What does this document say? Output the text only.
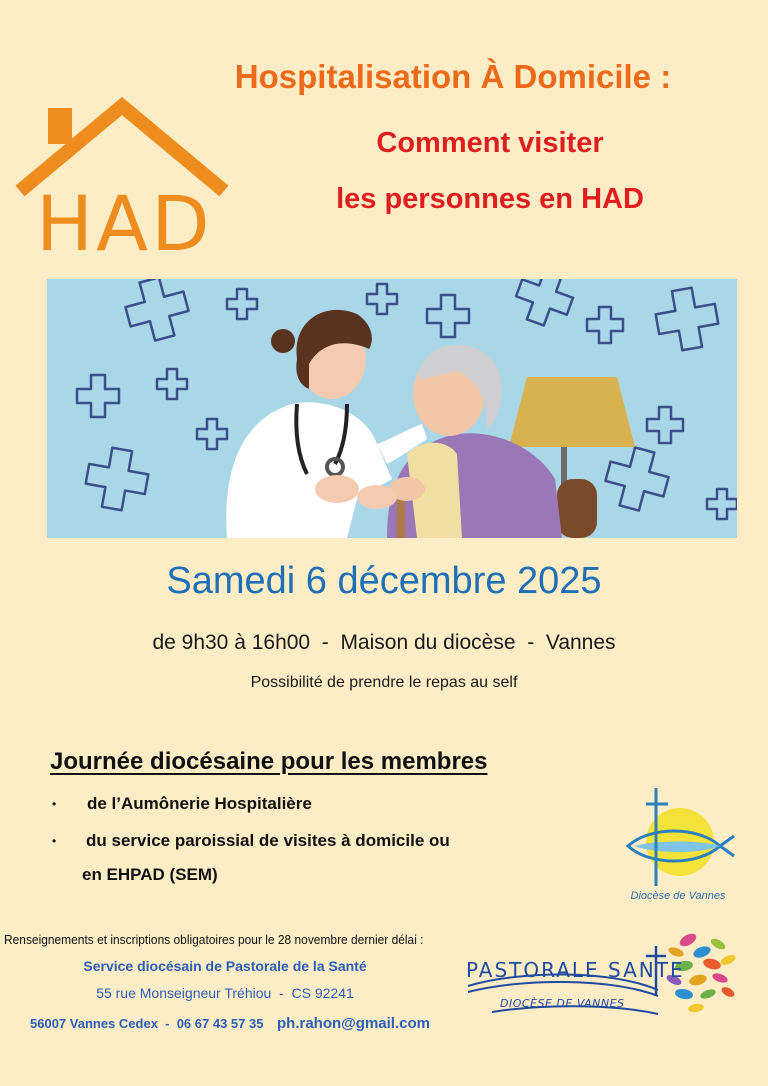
HAD
Hospitalisation À Domicile :
Comment visiter
les personnes en HAD
Samedi 6 décembre 2025
de 9h30 à 16h00  -  Maison du diocèse  -  Vannes
Possibilité de prendre le repas au self
Journée diocésaine pour les membres
•
•
de l’Aumônerie Hospitalière
du service paroissial de visites à domicile ou
en EHPAD (SEM)
Diocèse de Vannes
Renseignements et inscriptions obligatoires pour le 28 novembre dernier délai :
Service diocésain de Pastorale de la Santé
55 rue Monseigneur Tréhiou  -  CS 92241
56007 Vannes Cedex  -  06 67 43 57 35 ph.rahon@gmail.com
PASTORALE SANTE
DIOCÈSE DE VANNES
